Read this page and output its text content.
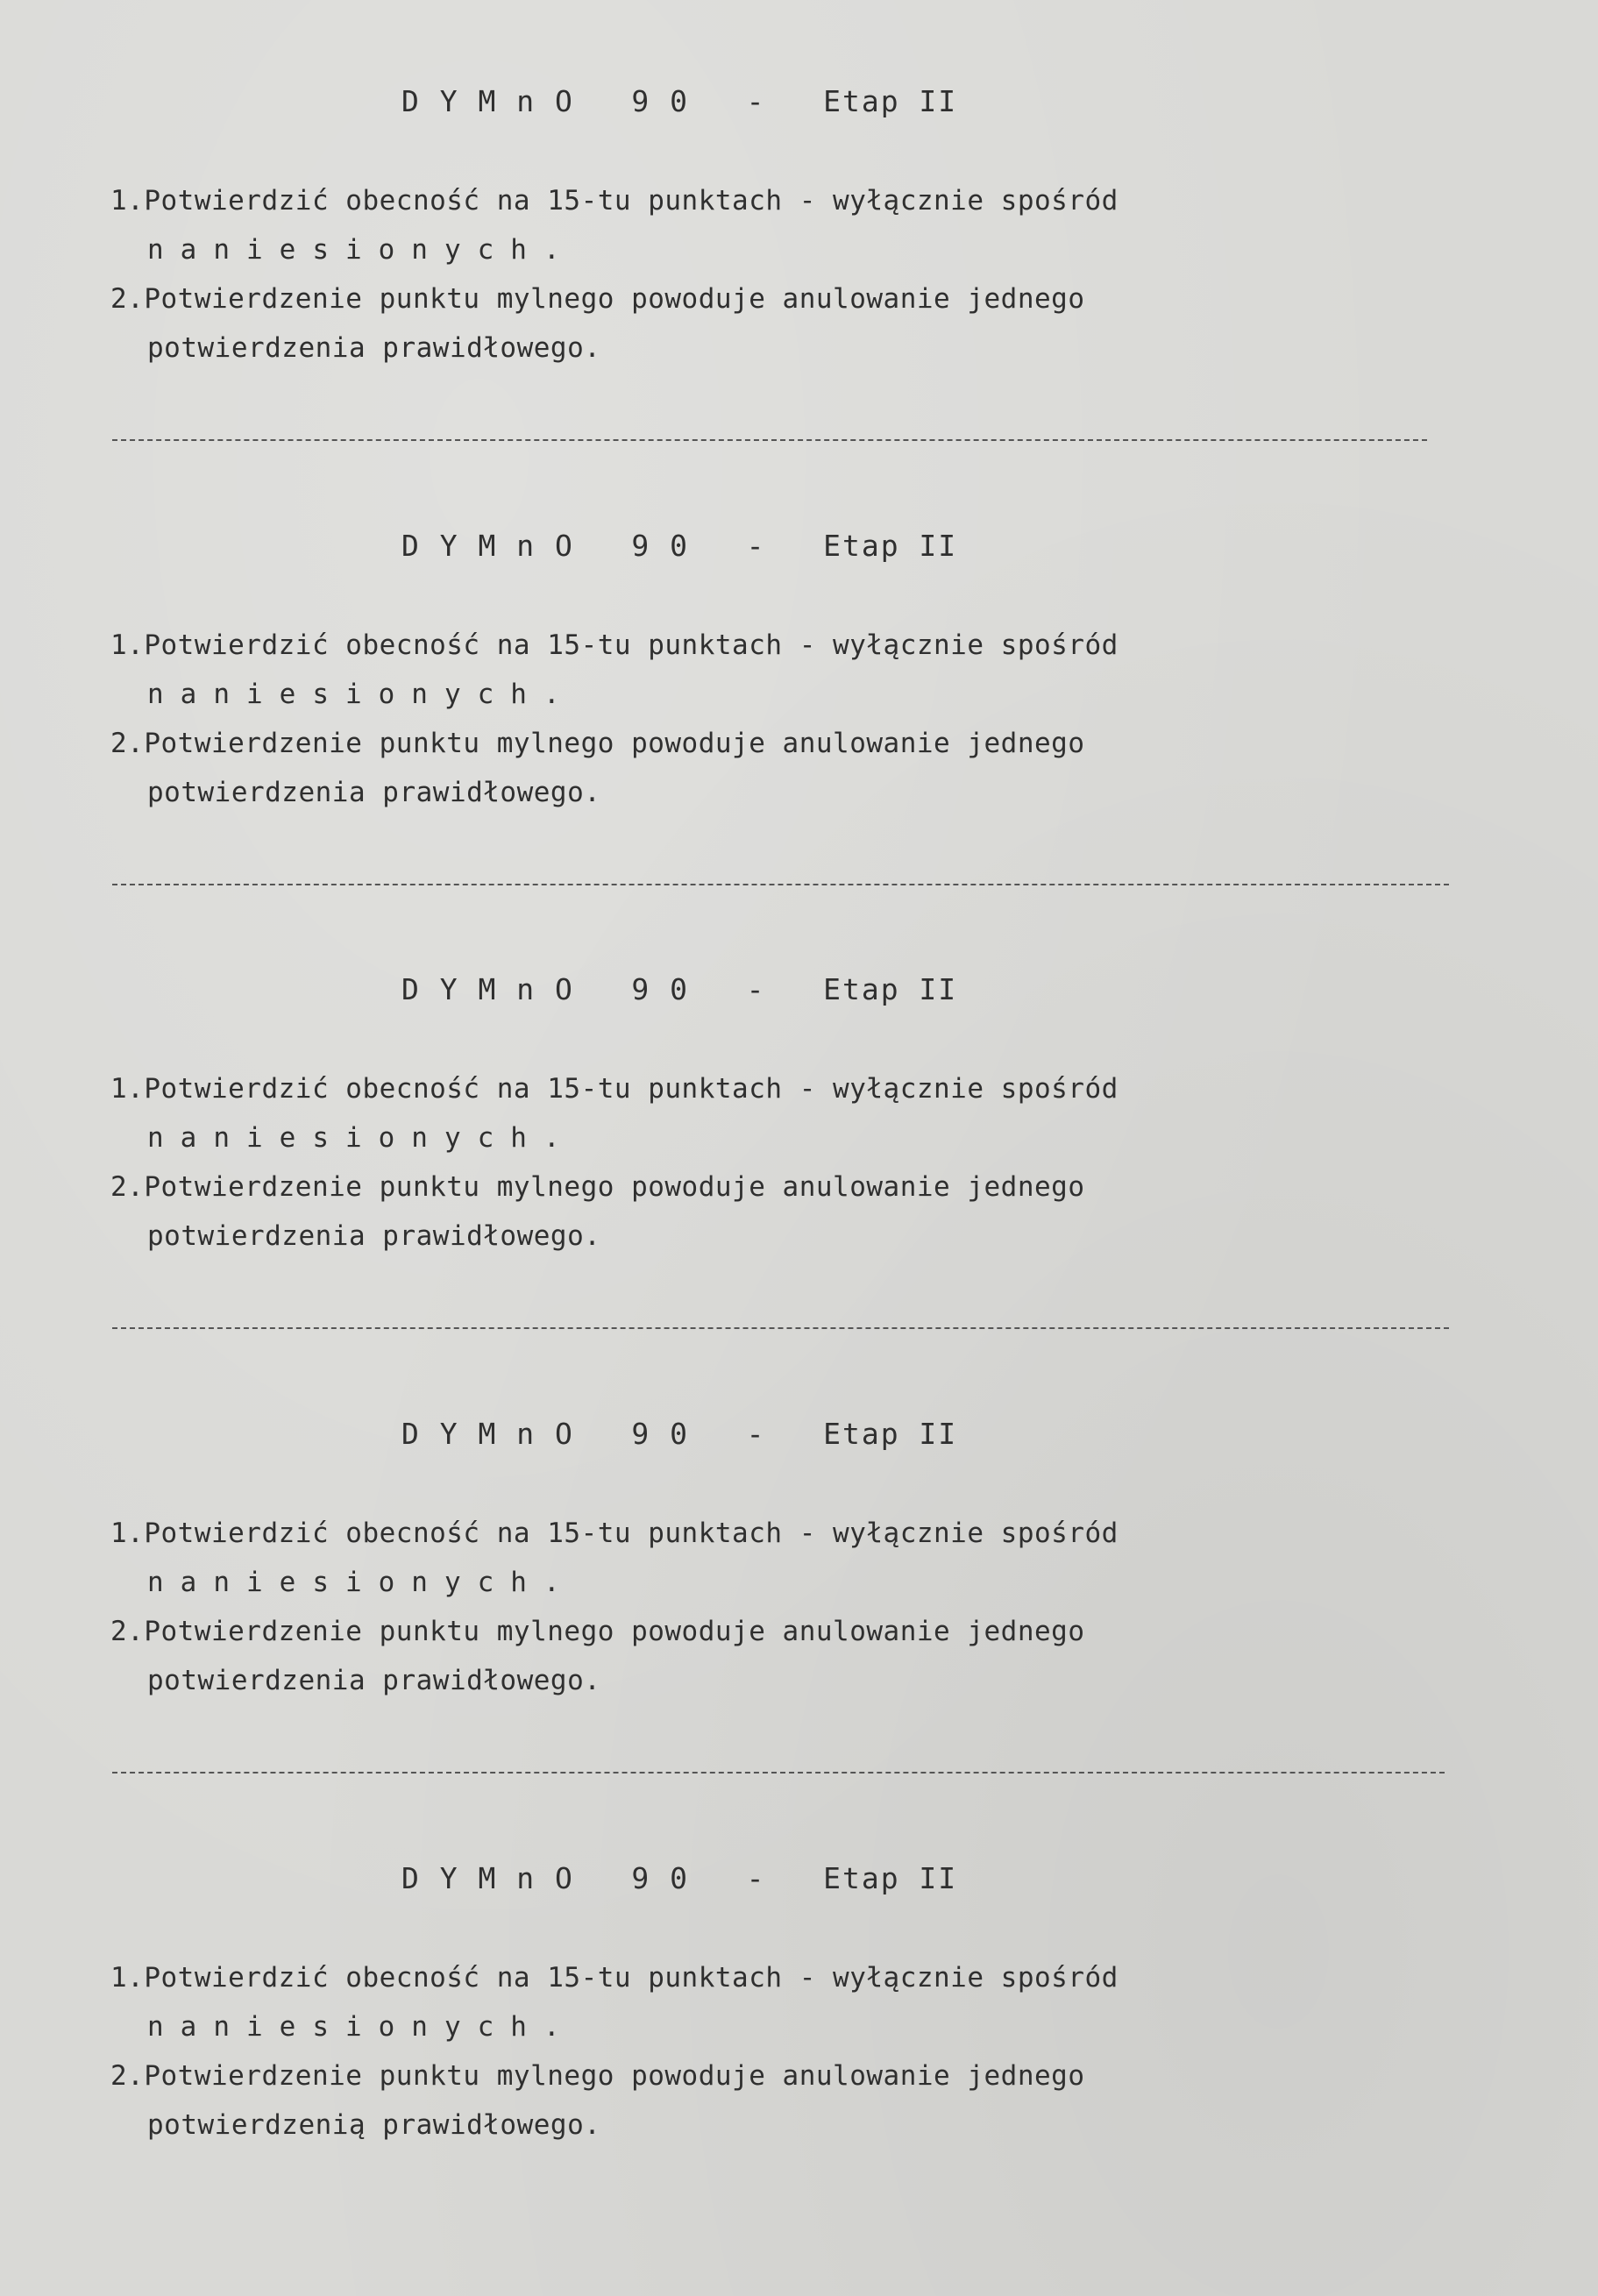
D Y M n O   9 0   -   Etap II
1.Potwierdzić obecność na 15-tu punktach - wyłącznie spośród
naniesionych.
2.Potwierdzenie punktu mylnego powoduje anulowanie jednego
potwierdzenia prawidłowego.
D Y M n O   9 0   -   Etap II
1.Potwierdzić obecność na 15-tu punktach - wyłącznie spośród
naniesionych.
2.Potwierdzenie punktu mylnego powoduje anulowanie jednego
potwierdzenia prawidłowego.
D Y M n O   9 0   -   Etap II
1.Potwierdzić obecność na 15-tu punktach - wyłącznie spośród
naniesionych.
2.Potwierdzenie punktu mylnego powoduje anulowanie jednego
potwierdzenia prawidłowego.
D Y M n O   9 0   -   Etap II
1.Potwierdzić obecność na 15-tu punktach - wyłącznie spośród
naniesionych.
2.Potwierdzenie punktu mylnego powoduje anulowanie jednego
potwierdzenia prawidłowego.
D Y M n O   9 0   -   Etap II
1.Potwierdzić obecność na 15-tu punktach - wyłącznie spośród
naniesionych.
2.Potwierdzenie punktu mylnego powoduje anulowanie jednego
potwierdzenią prawidłowego.
